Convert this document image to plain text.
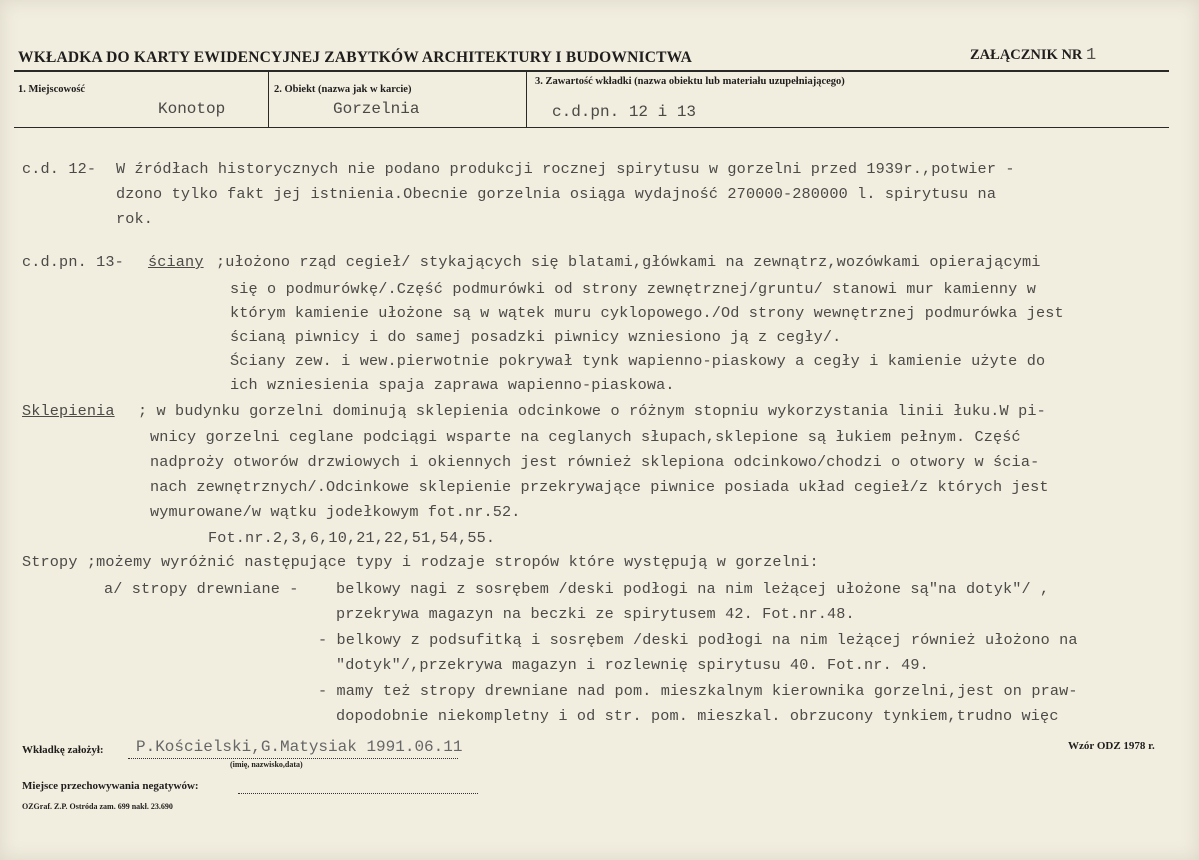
WKŁADKA DO KARTY EWIDENCYJNEJ ZABYTKÓW ARCHITEKTURY I BUDOWNICTWA	ZAŁĄCZNIK NR 1
1. Miejscowość
Konotop
2. Obiekt (nazwa jak w karcie)
Gorzelnia
3. Zawartość wkładki (nazwa obiektu lub materiału uzupełniającego)
c.d.pn. 12 i 13
c.d. 12- W źródłach historycznych nie podano produkcji rocznej spirytusu w gorzelni przed 1939r.,potwier -
dzono tylko fakt jej istnienia.Obecnie gorzelnia osiąga wydajność 270000-280000 l. spirytusu na
rok.
c.d.pn. 13- ściany ;ułożono rząd cegieł/ stykających się blatami,główkami na zewnątrz,wozówkami opierającymi
się o podmurówkę/.Część podmurówki od strony zewnętrznej/gruntu/ stanowi mur kamienny w
którym kamienie ułożone są w wątek muru cyklopowego./Od strony wewnętrznej podmurówka jest
ścianą piwnicy i do samej posadzki piwnicy wzniesiono ją z cegły/.
Ściany zew. i wew.pierwotnie pokrywał tynk wapienno-piaskowy a cegły i kamienie użyte do
ich wzniesienia spaja zaprawa wapienno-piaskowa.
Sklepienia ; w budynku gorzelni dominują sklepienia odcinkowe o różnym stopniu wykorzystania linii łuku.W pi-
wnicy gorzelni ceglane podciągi wsparte na ceglanych słupach,sklepione są łukiem pełnym. Część
nadproży otworów drzwiowych i okiennych jest również sklepiona odcinkowo/chodzi o otwory w ścia-
nach zewnętrznych/.Odcinkowe sklepienie przekrywające piwnice posiada układ cegieł/z których jest
wymurowane/w wątku jodełkowym fot.nr.52.
Fot.nr.2,3,6,10,21,22,51,54,55.
Stropy ;możemy wyróżnić następujące typy i rodzaje stropów które występują w gorzelni:
a/ stropy drewniane - belkowy nagi z sosrębem /deski podłogi na nim leżącej ułożone są"na dotyk"/ ,
przekrywa magazyn na beczki ze spirytusem 42. Fot.nr.48.
- belkowy z podsufitką i sosrębem /deski podłogi na nim leżącej również ułożono na
"dotyk"/,przekrywa magazyn i rozlewnię spirytusu 40. Fot.nr. 49.
- mamy też stropy drewniane nad pom. mieszkalnym kierownika gorzelni,jest on praw-
dopodobnie niekompletny i od str. pom. mieszkal. obrzucony tynkiem,trudno więc
Wkładkę założył: P.Kościelski,G.Matysiak 1991.06.11
(imię, nazwisko,data)
Miejsce przechowywania negatywów:
Wzór ODZ 1978 r.
OZGraf. Z.P. Ostróda zam. 699 nakł. 23.690
